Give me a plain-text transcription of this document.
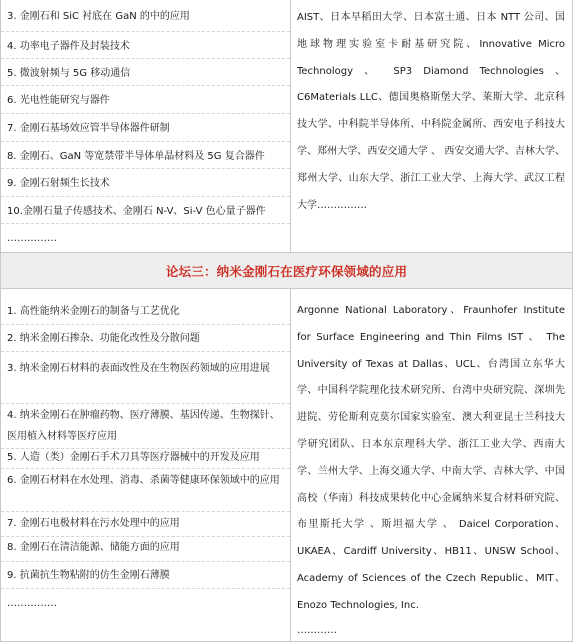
3. 金刚石和 SiC 衬底在 GaN 的中的应用
4. 功率电子器件及封装技术
5. 微波射频与 5G 移动通信
6. 光电性能研究与器件
7. 金刚石基场效应管半导体器件研制
8. 金刚石、GaN 等宽禁带半导体单晶材料及 5G 复合器件
9. 金刚石射频生长技术
10.金刚石量子传感技术、金刚石 N-V、Si-V 色心量子器件
……………
AIST、日本早稻田大学、日本富士通、日本 NTT 公司、国地球物理实验室卡耐基研究院、Innovative Micro Technology 、 SP3 Diamond Technologies 、C6Materials LLC、德国奥格斯堡大学、莱斯大学、北京科技大学、中科院半导体所、中科院金属所、西安电子科技大学、郑州大学、西安交通大学 、 西安交通大学、吉林大学、郑州大学、山东大学、浙江工业大学、上海大学、武汉工程大学……………
论坛三：纳米金刚石在医疗环保领域的应用
1. 高性能纳米金刚石的制备与工艺优化
2. 纳米金刚石掺杂、功能化改性及分散问题
3. 纳米金刚石材料的表面改性及在生物医药领域的应用进展
4. 纳米金刚石在肿瘤药物、医疗薄膜、基因传递、生物探针、医用植入材料等医疗应用
5. 人造（类）金刚石手术刀具等医疗器械中的开发及应用
6. 金刚石材料在水处理、消毒、杀菌等健康环保领域中的应用
7. 金刚石电极材料在污水处理中的应用
8. 金刚石在清洁能源、储能方面的应用
9. 抗菌抗生物粘附的仿生金刚石薄膜
……………
Argonne National Laboratory、Fraunhofer Institute for Surface Engineering and Thin Films IST 、 The University of Texas at Dallas、UCL、台湾国立东华大学、中国科学院理化技术研究所、台湾中央研究院、深圳先进院、劳伦斯利克莫尔国家实验室、澳大利亚昆士兰科技大学研究团队、日本东京理科大学、浙江工业大学、西南大学、兰州大学、上海交通大学、中南大学、吉林大学、中国高校（华南）科技成果转化中心金属纳米复合材料研究院、布里斯托大学 、斯坦福大学 、 Daicel Corporation、UKAEA、Cardiff University、HB11、UNSW School、Academy of Sciences of the Czech Republic、MIT、Enozo Technologies, Inc.
…………
